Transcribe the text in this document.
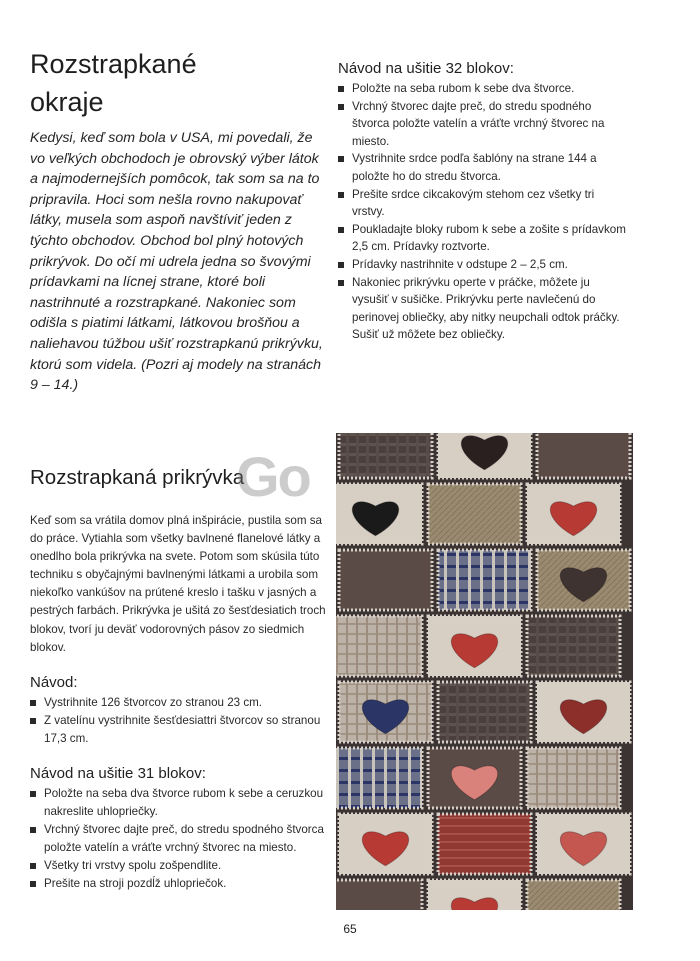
Rozstrapkané
okraje

Kedysi, keď som bola v USA, mi povedali, že vo veľkých obchodoch je obrovský výber látok a najmodernejších pomôcok, tak som sa na to pripravila. Hoci som nešla rovno nakupovať látky, musela som aspoň navštíviť jeden z týchto obchodov. Obchod bol plný hotových prikrývok. Do očí mi udrela jedna so švovými prídavkami na lícnej strane, ktoré boli nastrihnuté a rozstrapkané. Nakoniec som odišla s piatimi látkami, látkovou brošňou a naliehavou túžbou ušiť rozstrapkanú prikrývku, ktorú som videla. (Pozri aj modely na stranách 9 – 14.)

Návod na ušitie 32 blokov:
Položte na seba rubom k sebe dva štvorce.
Vrchný štvorec dajte preč, do stredu spodného štvorca položte vatelín a vráťte vrchný štvorec na miesto.
Vystrihnite srdce podľa šablóny na strane 144 a položte ho do stredu štvorca.
Prešite srdce cikcakovým stehom cez všetky tri vrstvy.
Poukladajte bloky rubom k sebe a zošite s prídavkom 2,5 cm. Prídavky roztvorte.
Prídavky nastrihnite v odstupe 2 – 2,5 cm.
Nakoniec prikrývku operte v práčke, môžete ju vysušiť v sušičke. Prikrývku perte navlečenú do perinovej obliečky, aby nitky neupchali odtok práčky. Sušiť už môžete bez obliečky.
Rozstrapkaná prikrývka

Keď som sa vrátila domov plná inšpirácie, pustila som sa do práce. Vytiahla som všetky bavlnené flanelové látky a onedlho bola prikrývka na svete. Potom som skúsila túto techniku s obyčajnými bavlnenými látkami a urobila som niekoľko vankúšov na prútené kreslo i tašku v jasných a pestrých farbách. Prikrývka je ušitá zo šesťdesiatich troch blokov, tvorí ju deväť vodorovných pásov zo siedmich blokov.

Návod:
Vystrihnite 126 štvorcov zo stranou 23 cm.
Z vatelínu vystrihnite šesťdesiattri štvorcov so stranou 17,3 cm.
Návod na ušitie 31 blokov:
Položte na seba dva štvorce rubom k sebe a ceruzkou nakreslite uhlopriečky.
Vrchný štvorec dajte preč, do stredu spodného štvorca položte vatelín a vráťte vrchný štvorec na miesto.
Všetky tri vrstvy spolu zošpendlite.
Prešite na stroji pozdĺž uhlopriečok.
Go
65
